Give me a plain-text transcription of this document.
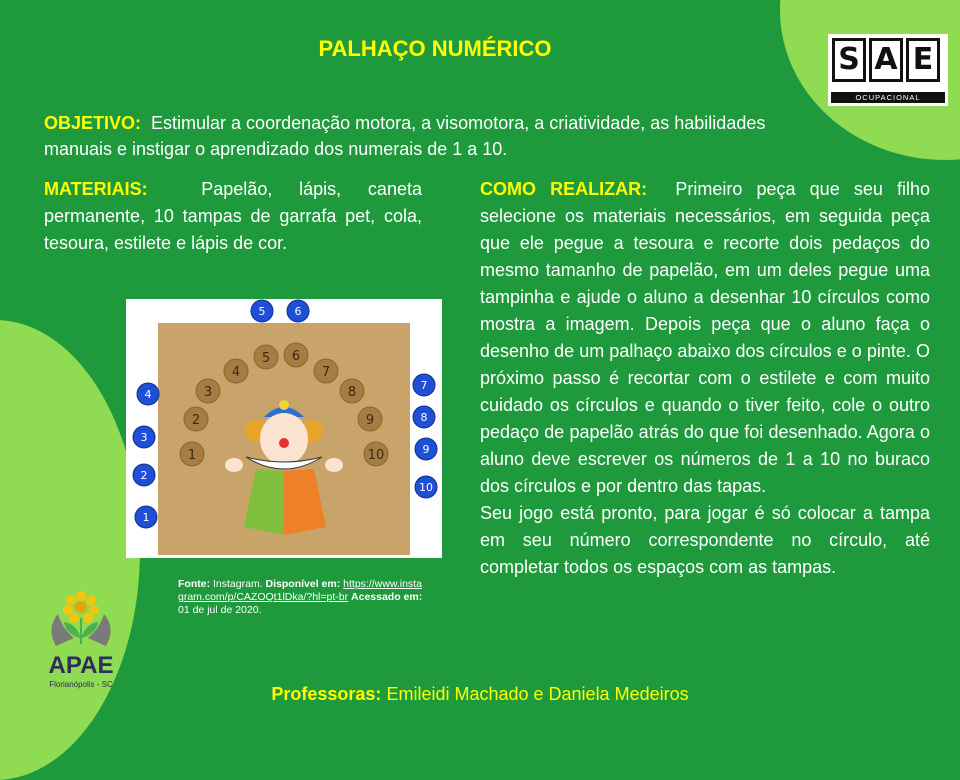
PALHAÇO NUMÉRICO
OBJETIVO: Estimular a coordenação motora, a visomotora, a criatividade, as habilidades manuais e instigar o aprendizado dos numerais de 1 a 10.
MATERIAIS:	Papelão, lápis, caneta permanente, 10 tampas de garrafa pet, cola, tesoura, estilete e lápis de cor.

COMO REALIZAR: Primeiro peça que seu filho selecione os materiais necessários, em seguida peça que ele pegue a tesoura e recorte dois pedaços do mesmo tamanho de papelão, em um deles pegue uma tampinha e ajude o aluno a desenhar 10 círculos como mostra a imagem. Depois peça que o aluno faça o desenho de um palhaço abaixo dos círculos e o pinte. O próximo passo é recortar com o estilete e com muito cuidado os círculos e quando o tiver feito, cole o outro pedaço de papelão atrás do que foi desenhado. Agora o aluno deve escrever os números de 1 a 10 no buraco dos círculos e por dentro das tapas.

Seu jogo está pronto, para jogar é só colocar a tampa em seu número correspondente no círculo, até completar todos os espaços com as tampas.

1
2
3
4
5 6
7
8
9
10
5	6
4
3
2
1
7
8
9
10
Fonte: Instagram. Disponível em: https://www.instagram.com/p/CAZOQt1lDka/?hl=pt-br Acessado em: 01 de jul de 2020.
Professoras: Emileidi Machado e Daniela Medeiros
S A E
OCUPACIONAL
APAE
Florianópolis - SC
